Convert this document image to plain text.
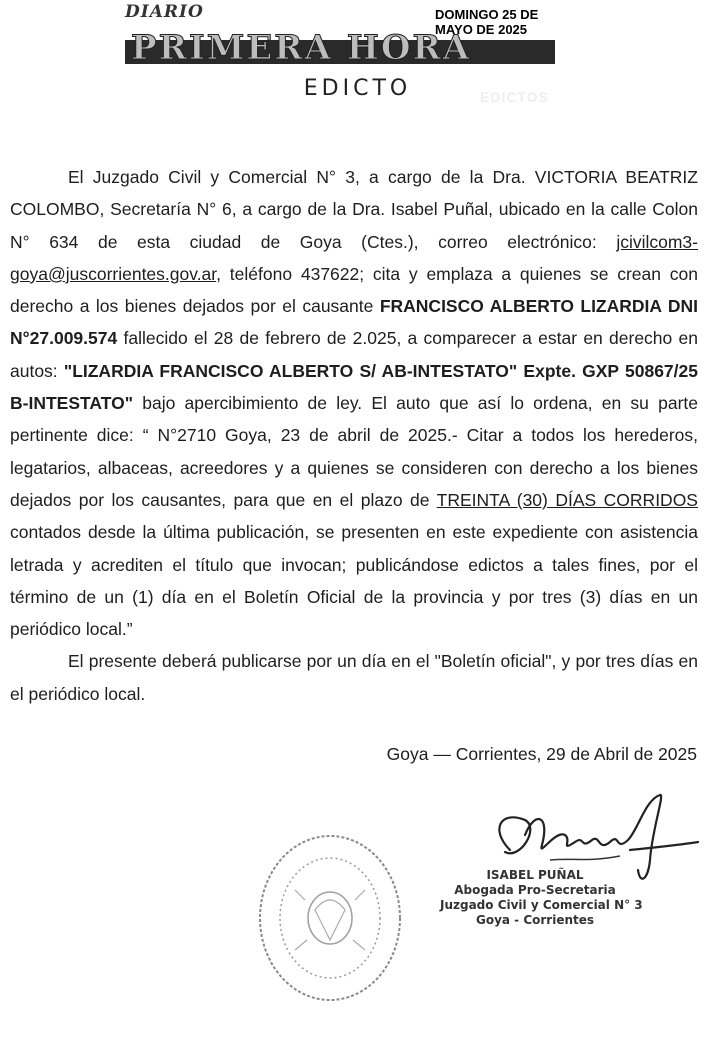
DIARIO
EDICTOS
PRIMERA HORA
DOMINGO 25 DE MAYO DE 2025
EDICTO

El Juzgado Civil y Comercial N° 3, a cargo de la Dra. VICTORIA BEATRIZ COLOMBO, Secretaría N° 6, a cargo de la Dra. Isabel Puñal, ubicado en la calle Colon N° 634 de esta ciudad de Goya (Ctes.), correo electrónico: jcivilcom3-goya@juscorrientes.gov.ar, teléfono 437622; cita y emplaza a quienes se crean con derecho a los bienes dejados por el causante FRANCISCO ALBERTO LIZARDIA DNI N°27.009.574 fallecido el 28 de febrero de 2.025, a comparecer a estar en derecho en autos: "LIZARDIA FRANCISCO ALBERTO S/ AB-INTESTATO" Expte. GXP 50867/25 B-INTESTATO" bajo apercibimiento de ley. El auto que así lo ordena, en su parte pertinente dice: “ N°2710 Goya, 23 de abril de 2025.- Citar a todos los herederos, legatarios, albaceas, acreedores y a quienes se consideren con derecho a los bienes dejados por los causantes, para que en el plazo de TREINTA (30) DÍAS CORRIDOS contados desde la última publicación, se presenten en este expediente con asistencia letrada y acrediten el título que invocan; publicándose edictos a tales fines, por el término de un (1) día en el Boletín Oficial de la provincia y por tres (3) días en un periódico local.”

El presente deberá publicarse por un día en el "Boletín oficial", y por tres días en el periódico local.

Goya — Corrientes, 29 de Abril de 2025
ISABEL PUÑAL
Abogada Pro-Secretaria
Juzgado Civil y Comercial N° 3
Goya - Corrientes
